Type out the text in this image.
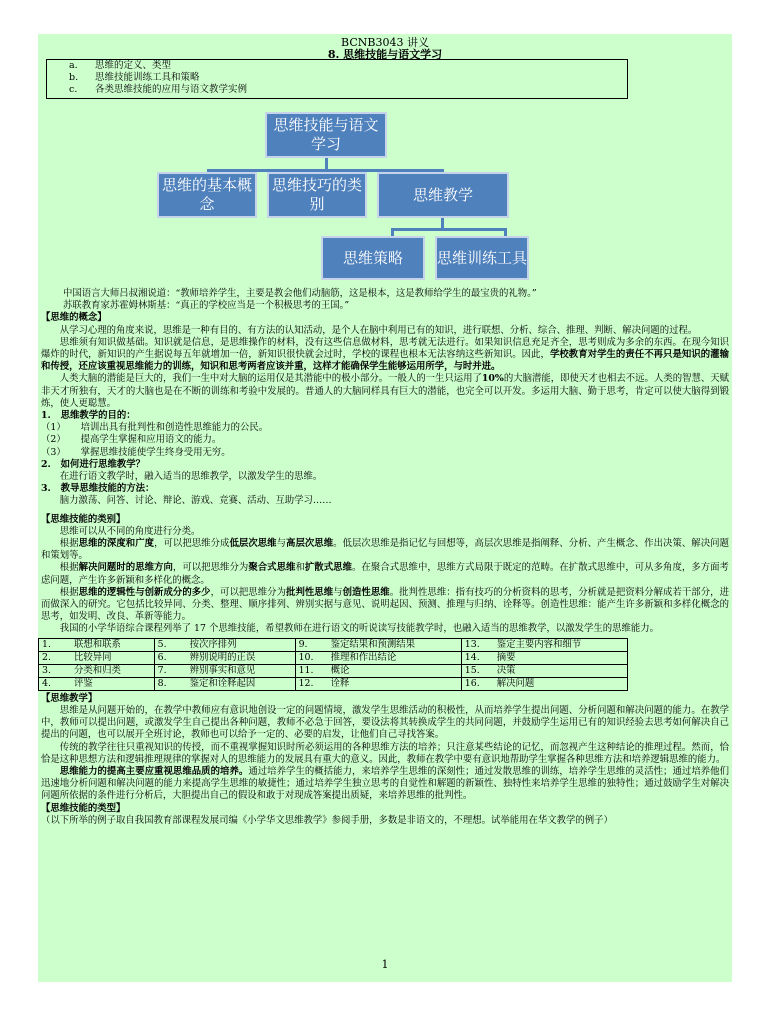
BCNB3043 讲义
8. 思维技能与语文学习
a. 思维的定义、类型
b. 思维技能训练工具和策略
c. 各类思维技能的应用与语文教学实例
思维技能与语文学习
思维的基本概念
思维技巧的类别
思维教学
思维策略	思维训练工具

中国语言大师吕叔湘说道：“教师培养学生，主要是教会他们动脑筋，这是根本，这是教师给学生的最宝贵的礼物。”

苏联教育家苏霍姆林斯基：“真正的学校应当是一个积极思考的王国。”

【思维的概念】

从学习心理的角度来说，思维是一种有目的、有方法的认知活动，是个人在脑中利用已有的知识，进行联想、分析、综合、推理、判断、解决问题的过程。

思维须有知识做基础。知识就是信息，是思维操作的材料，没有这些信息做材料，思考就无法进行。如果知识信息充足齐全，思考则成为多余的东西。在现今知识爆炸的时代，新知识的产生据说每五年就增加一倍，新知识很快就会过时，学校的课程也根本无法容纳这些新知识。因此，学校教育对学生的责任不再只是知识的灌输和传授，还应该重视思维能力的训练，知识和思考两者应该并重，这样才能确保学生能够运用所学，与时并进。

人类大脑的潜能是巨大的，我们一生中对大脑的运用仅是其潜能中的极小部分。一般人的一生只运用了10%的大脑潜能，即使天才也相去不远。人类的智慧、天赋非天才所独有，天才的大脑也是在不断的训练和考验中发展的。普通人的大脑同样具有巨大的潜能，也完全可以开发。多运用大脑、勤于思考，肯定可以使大脑得到锻炼，使人更聪慧。

1.   思维教学的目的：

（1）     培训出具有批判性和创造性思维能力的公民。

（2）     提高学生掌握和应用语文的能力。

（3）     掌握思维技能使学生终身受用无穷。

2.   如何进行思维教学？

在进行语文教学时，融入适当的思维教学，以激发学生的思维。

3.   教导思维技能的方法：

脑力激荡、问答、讨论、辩论、游戏、竞赛、活动、互助学习……

【思维技能的类别】

思维可以从不同的角度进行分类。

根据思维的深度和广度，可以把思维分成低层次思维与高层次思维。低层次思维是指记忆与回想等，高层次思维是指阐释、分析、产生概念、作出决策、解决问题和策划等。

根据解决问题时的思维方向，可以把思维分为聚合式思维和扩散式思维。在聚合式思维中，思维方式局限于既定的范畴。在扩散式思维中，可从多角度，多方面考虑问题，产生许多新颖和多样化的概念。

根据思维的逻辑性与创新成分的多少，可以把思维分为批判性思维与创造性思维。批判性思维：指有技巧的分析资料的思考，分析就是把资料分解成若干部分，进而做深入的研究。它包括比较异同、分类、整理、顺序排列、辨别实据与意见、说明起因、预测、推理与归纳、诠释等。创造性思维：能产生许多新颖和多样化概念的思考，如发明、改良、革新等能力。

我国的小学华语综合课程列举了 17 个思维技能，希望教师在进行语文的听说读写技能教学时，也融入适当的思维教学，以激发学生的思维能力。

1. 联想和联系	5. 按次序排列	9. 鉴定结果和预测结果	13. 鉴定主要内容和细节
2. 比较异同	6. 辨别说明的正误	10. 推理和作出结论	14. 摘要
3. 分类和归类	7. 辨别事实和意见	11. 概论	15. 决策
4. 评鉴	8. 鉴定和诠释起因	12. 诠释	16. 解决问题

【思维教学】

思维是从问题开始的，在教学中教师应有意识地创设一定的问题情境，激发学生思维活动的积极性，从而培养学生提出问题、分析问题和解决问题的能力。在教学中，教师可以提出问题，或激发学生自己提出各种问题，教师不必急于回答，要设法将其转换成学生的共同问题，并鼓励学生运用已有的知识经验去思考如何解决自己提出的问题，也可以展开全班讨论，教师也可以给予一定的、必要的启发，让他们自己寻找答案。

传统的教学往往只重视知识的传授，而不重视掌握知识时所必须运用的各种思维方法的培养；只注意某些结论的记忆，而忽视产生这种结论的推理过程。然而，恰恰是这种思想方法和逻辑推理规律的掌握对人的思维能力的发展具有重大的意义。因此，教师在教学中要有意识地帮助学生掌握各种思维方法和培养逻辑思维的能力。

思维能力的提高主要应重视思维品质的培养。通过培养学生的概括能力，来培养学生思维的深刻性；通过发散思维的训练，培养学生思维的灵活性；通过培养他们迅速地分析问题和解决问题的能力来提高学生思维的敏捷性；通过培养学生独立思考的自觉性和解题的新颖性、独特性来培养学生思维的独特性；通过鼓励学生对解决问题所依据的条件进行分析后，大胆提出自己的假设和敢于对现成答案提出质疑，来培养思维的批判性。

【思维技能的类型】

（以下所举的例子取自我国教育部课程发展司编《小学华文思维教学》参阅手册，多数是非语文的，不理想。试举能用在华文教学的例子）

1
